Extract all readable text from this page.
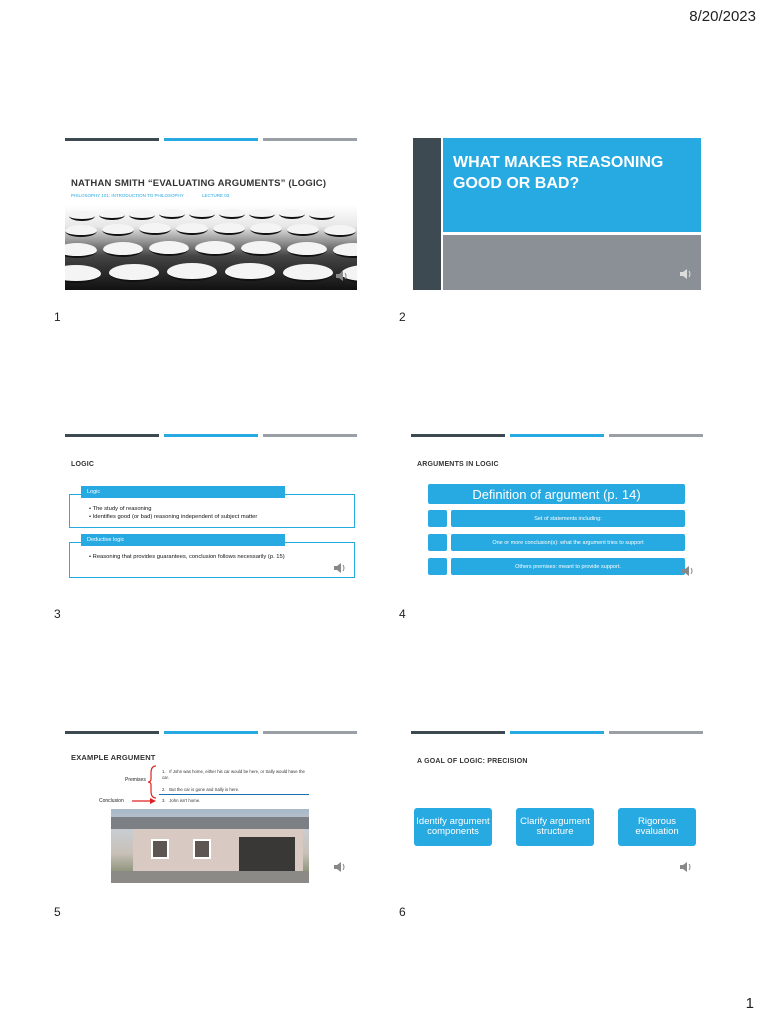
8/20/2023
NATHAN SMITH “EVALUATING ARGUMENTS” (LOGIC)
PHILOSOPHY 101: INTRODUCTION TO PHILOSOPHY	LECTURE 03
1
WHAT MAKES REASONING GOOD OR BAD?
2
LOGIC
Logic
• The study of reasoning
• Identifies good (or bad) reasoning independent of subject matter
Deductive logic
• Reasoning that provides guarantees, conclusion follows necessarily (p. 15)
3
ARGUMENTS IN LOGIC
Definition of argument (p. 14)
Set of statements including:
One or more conclusion(s): what the argument tries to support
Others premises: meant to provide support.
4
EXAMPLE ARGUMENT
Premises
Conclusion
1. If John was home, either his car would be here, or Sally would have the car.
2. But the car is gone and Sally is here.
3. John isn't home.
5
A GOAL OF LOGIC: PRECISION
Identify argument components
Clarify argument structure
Rigorous evaluation
6
1
